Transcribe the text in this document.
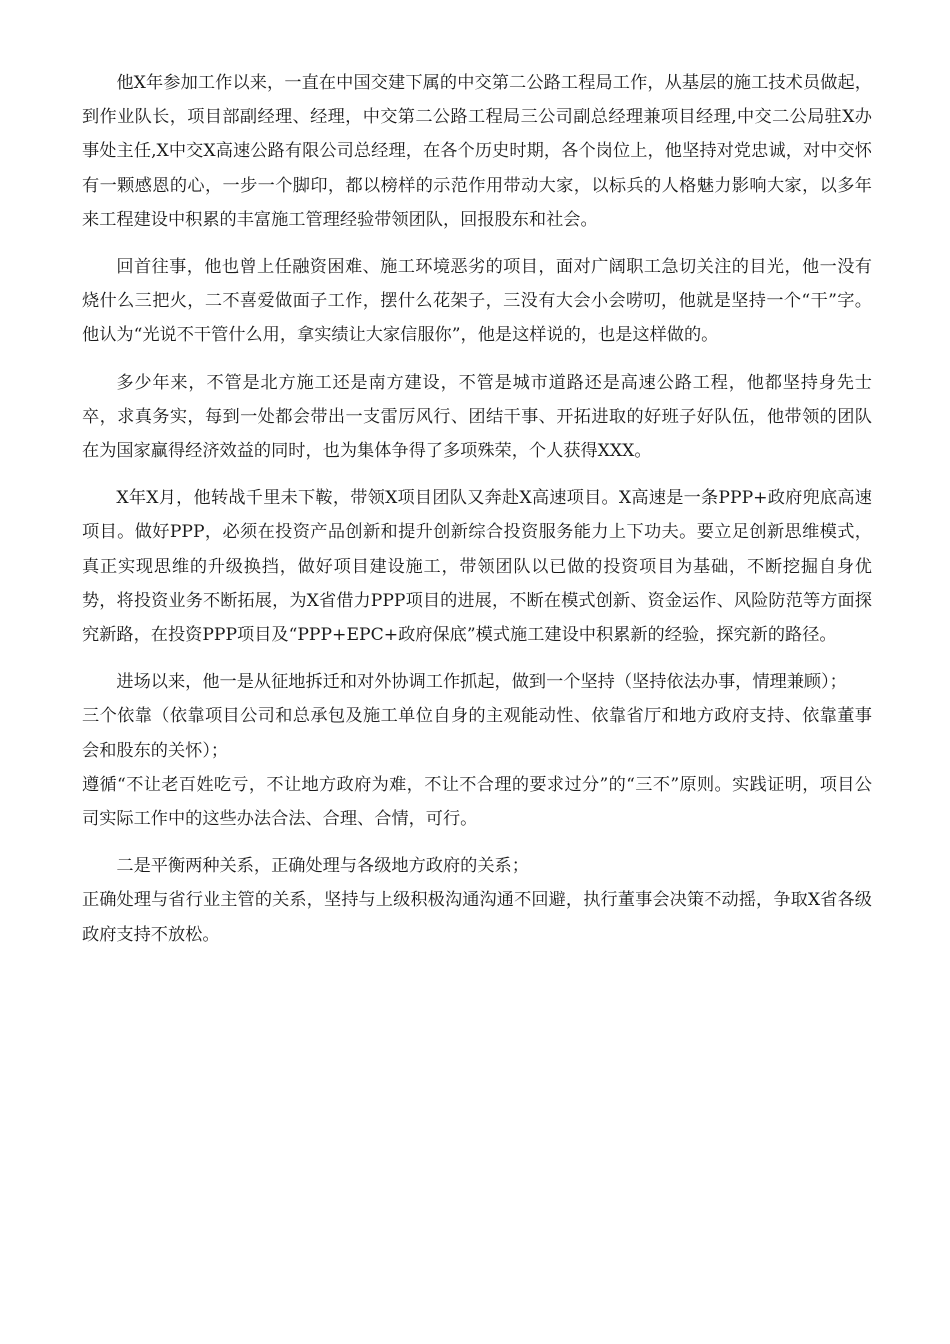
他X年参加工作以来，一直在中国交建下属的中交第二公路工程局工作，从基层的施工技术员做起，到作业队长，项目部副经理、经理，中交第二公路工程局三公司副总经理兼项目经理,中交二公局驻X办事处主任,X中交X高速公路有限公司总经理，在各个历史时期，各个岗位上，他坚持对党忠诚，对中交怀有一颗感恩的心，一步一个脚印，都以榜样的示范作用带动大家，以标兵的人格魅力影响大家，以多年来工程建设中积累的丰富施工管理经验带领团队，回报股东和社会。

回首往事，他也曾上任融资困难、施工环境恶劣的项目，面对广阔职工急切关注的目光，他一没有烧什么三把火，二不喜爱做面子工作，摆什么花架子，三没有大会小会唠叨，他就是坚持一个“干”字。他认为“光说不干管什么用，拿实绩让大家信服你”，他是这样说的，也是这样做的。

多少年来，不管是北方施工还是南方建设，不管是城市道路还是高速公路工程，他都坚持身先士卒，求真务实，每到一处都会带出一支雷厉风行、团结干事、开拓进取的好班子好队伍，他带领的团队在为国家赢得经济效益的同时，也为集体争得了多项殊荣，个人获得XXX。

X年X月，他转战千里未下鞍，带领X项目团队又奔赴X高速项目。X高速是一条PPP+政府兜底高速项目。做好PPP，必须在投资产品创新和提升创新综合投资服务能力上下功夫。要立足创新思维模式，真正实现思维的升级换挡，做好项目建设施工，带领团队以已做的投资项目为基础，不断挖掘自身优势，将投资业务不断拓展，为X省借力PPP项目的进展，不断在模式创新、资金运作、风险防范等方面探究新路，在投资PPP项目及“PPP+EPC+政府保底”模式施工建设中积累新的经验，探究新的路径。

进场以来，他一是从征地拆迁和对外协调工作抓起，做到一个坚持（坚持依法办事，情理兼顾）；

三个依靠（依靠项目公司和总承包及施工单位自身的主观能动性、依靠省厅和地方政府支持、依靠董事会和股东的关怀）；

遵循“不让老百姓吃亏，不让地方政府为难，不让不合理的要求过分”的“三不”原则。实践证明，项目公司实际工作中的这些办法合法、合理、合情，可行。

二是平衡两种关系，正确处理与各级地方政府的关系；

正确处理与省行业主管的关系，坚持与上级积极沟通沟通不回避，执行董事会决策不动摇，争取X省各级政府支持不放松。
